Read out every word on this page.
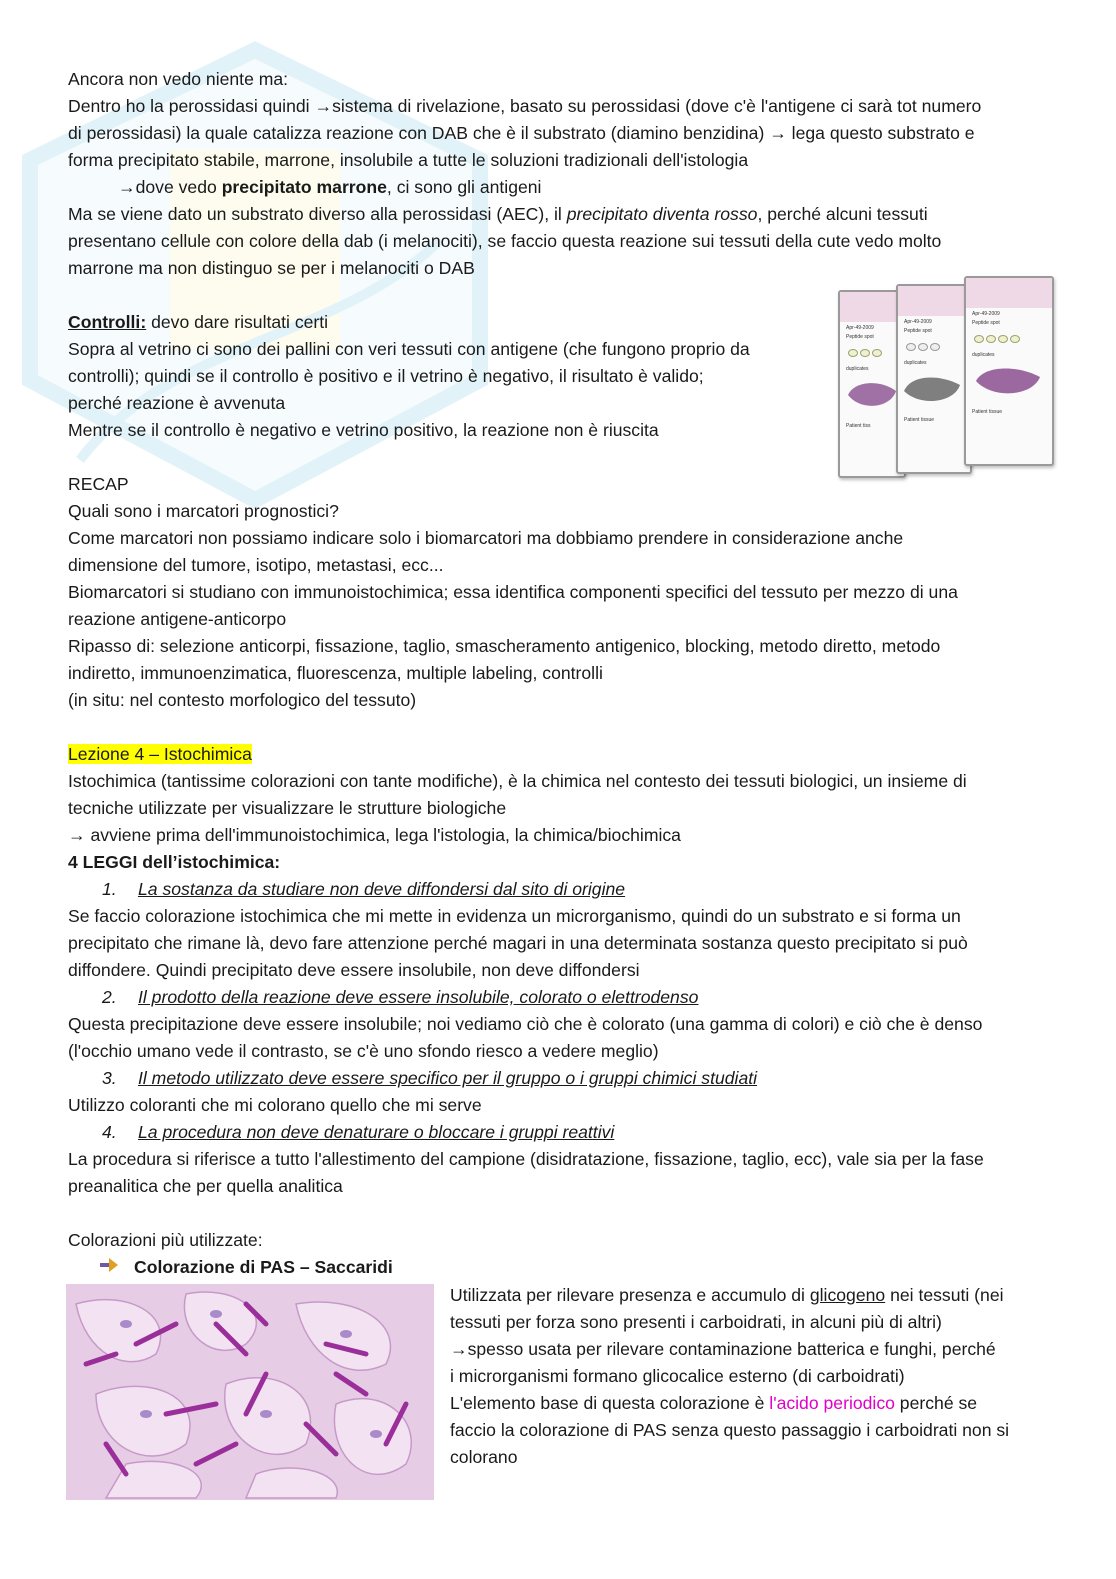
Ancora non vedo niente ma:
Dentro ho la perossidasi quindi →sistema di rivelazione, basato su perossidasi (dove c'è l'antigene ci sarà tot numero
di perossidasi) la quale catalizza reazione con DAB che è il substrato (diamino benzidina) → lega questo substrato e
forma precipitato stabile, marrone, insolubile a tutte le soluzioni tradizionali dell'istologia
→dove vedo precipitato marrone, ci sono gli antigeni
Ma se viene dato un substrato diverso alla perossidasi (AEC), il precipitato diventa rosso, perché alcuni tessuti
presentano cellule con colore della dab (i melanociti), se faccio questa reazione sui tessuti della cute vedo molto
marrone ma non distinguo se per i melanociti o DAB
Controlli: devo dare risultati certi
Sopra al vetrino ci sono dei pallini con veri tessuti con antigene (che fungono proprio da
controlli); quindi se il controllo è positivo e il vetrino è negativo, il risultato è valido;
perché reazione è avvenuta
Mentre se il controllo è negativo e vetrino positivo, la reazione non è riuscita
RECAP
Quali sono i marcatori prognostici?
Come marcatori non possiamo indicare solo i biomarcatori ma dobbiamo prendere in considerazione anche
dimensione del tumore, isotipo, metastasi, ecc...
Biomarcatori si studiano con immunoistochimica; essa identifica componenti specifici del tessuto per mezzo di una
reazione antigene-anticorpo
Ripasso di: selezione anticorpi, fissazione, taglio, smascheramento antigenico, blocking, metodo diretto, metodo
indiretto, immunoenzimatica, fluorescenza, multiple labeling, controlli
(in situ: nel contesto morfologico del tessuto)
Lezione 4 – Istochimica
Istochimica (tantissime colorazioni con tante modifiche), è la chimica nel contesto dei tessuti biologici, un insieme di
tecniche utilizzate per visualizzare le strutture biologiche
→ avviene prima dell'immunoistochimica, lega l'istologia, la chimica/biochimica
4 LEGGI dell’istochimica:
1. La sostanza da studiare non deve diffondersi dal sito di origine
Se faccio colorazione istochimica che mi mette in evidenza un microrganismo, quindi do un substrato e si forma un
precipitato che rimane là, devo fare attenzione perché magari in una determinata sostanza questo precipitato si può
diffondere. Quindi precipitato deve essere insolubile, non deve diffondersi
2. Il prodotto della reazione deve essere insolubile, colorato o elettrodenso
Questa precipitazione deve essere insolubile; noi vediamo ciò che è colorato (una gamma di colori) e ciò che è denso
(l'occhio umano vede il contrasto, se c'è uno sfondo riesco a vedere meglio)
3. Il metodo utilizzato deve essere specifico per il gruppo o i gruppi chimici studiati
Utilizzo coloranti che mi colorano quello che mi serve
4. La procedura non deve denaturare o bloccare i gruppi reattivi
La procedura si riferisce a tutto l'allestimento del campione (disidratazione, fissazione, taglio, ecc), vale sia per la fase
preanalitica che per quella analitica
Colorazioni più utilizzate:
Colorazione di PAS – Saccaridi
Apr-49-2009
Peptide spot
duplicates
Patient tiss
Apr-49-2009
Peptide spot
duplicates
Patient tissue
Apr-49-2009
Peptide spot
duplicates
Patient tissue
Utilizzata per rilevare presenza e accumulo di glicogeno nei tessuti (nei
tessuti per forza sono presenti i carboidrati, in alcuni più di altri)
→spesso usata per rilevare contaminazione batterica e funghi, perché
i microrganismi formano glicocalice esterno (di carboidrati)
L'elemento base di questa colorazione è l'acido periodico perché se
faccio la colorazione di PAS senza questo passaggio i carboidrati non si
colorano
